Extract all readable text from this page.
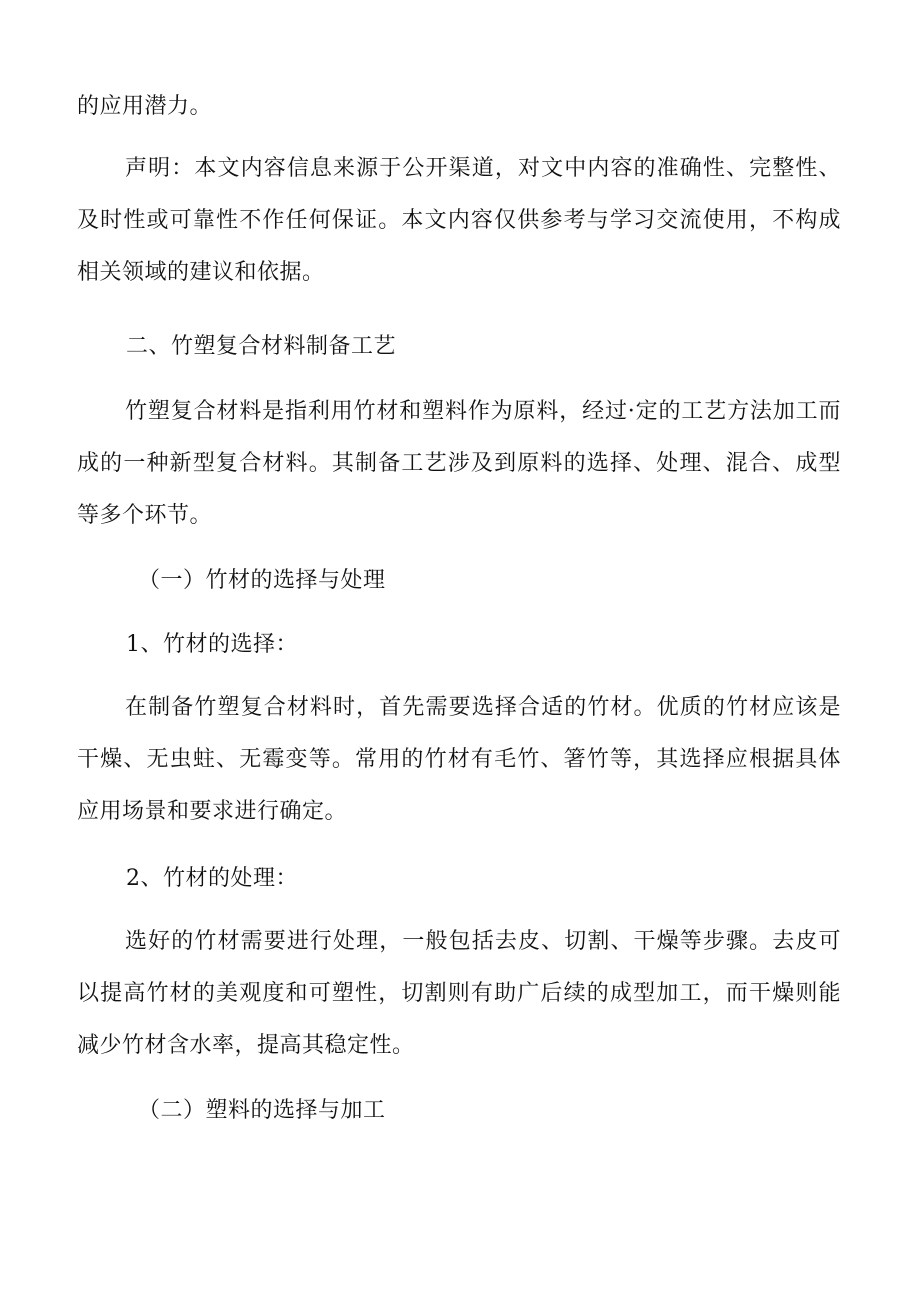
的应用潜力。

声明：本文内容信息来源于公开渠道，对文中内容的准确性、完整性、及时性或可靠性不作任何保证。本文内容仅供参考与学习交流使用，不构成相关领域的建议和依据。

二、竹塑复合材料制备工艺

竹塑复合材料是指利用竹材和塑料作为原料，经过·定的工艺方法加工而成的一种新型复合材料。其制备工艺涉及到原料的选择、处理、混合、成型等多个环节。

（一）竹材的选择与处理

1、竹材的选择：

在制备竹塑复合材料时，首先需要选择合适的竹材。优质的竹材应该是干燥、无虫蛀、无霉变等。常用的竹材有毛竹、箸竹等，其选择应根据具体应用场景和要求进行确定。

2、竹材的处理：

选好的竹材需要进行处理，一般包括去皮、切割、干燥等步骤。去皮可以提高竹材的美观度和可塑性，切割则有助广后续的成型加工，而干燥则能减少竹材含水率，提高其稳定性。

（二）塑料的选择与加工
